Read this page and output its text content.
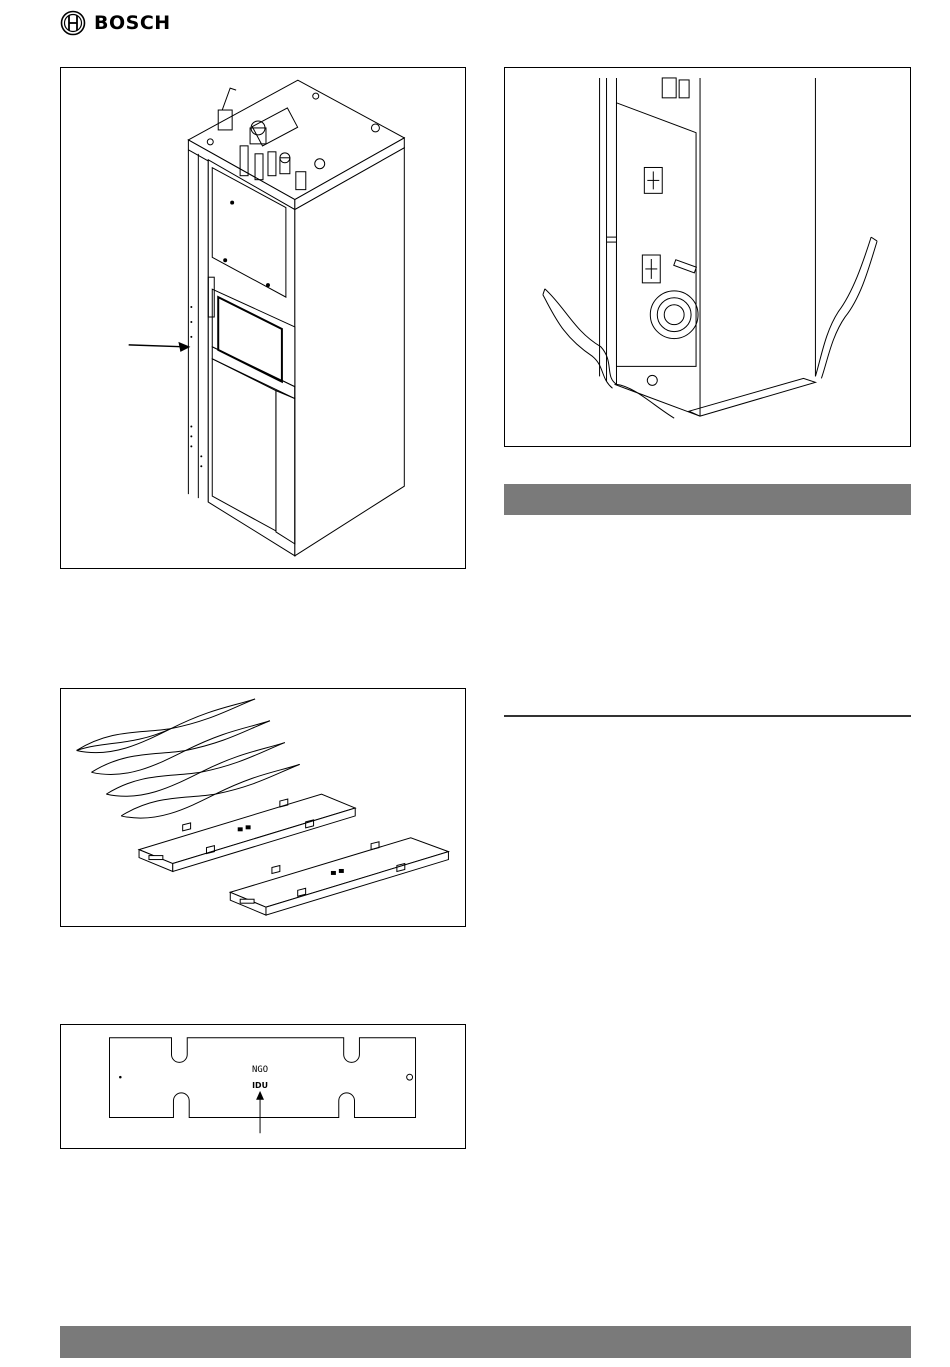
BOSCH
NGO
IDU
